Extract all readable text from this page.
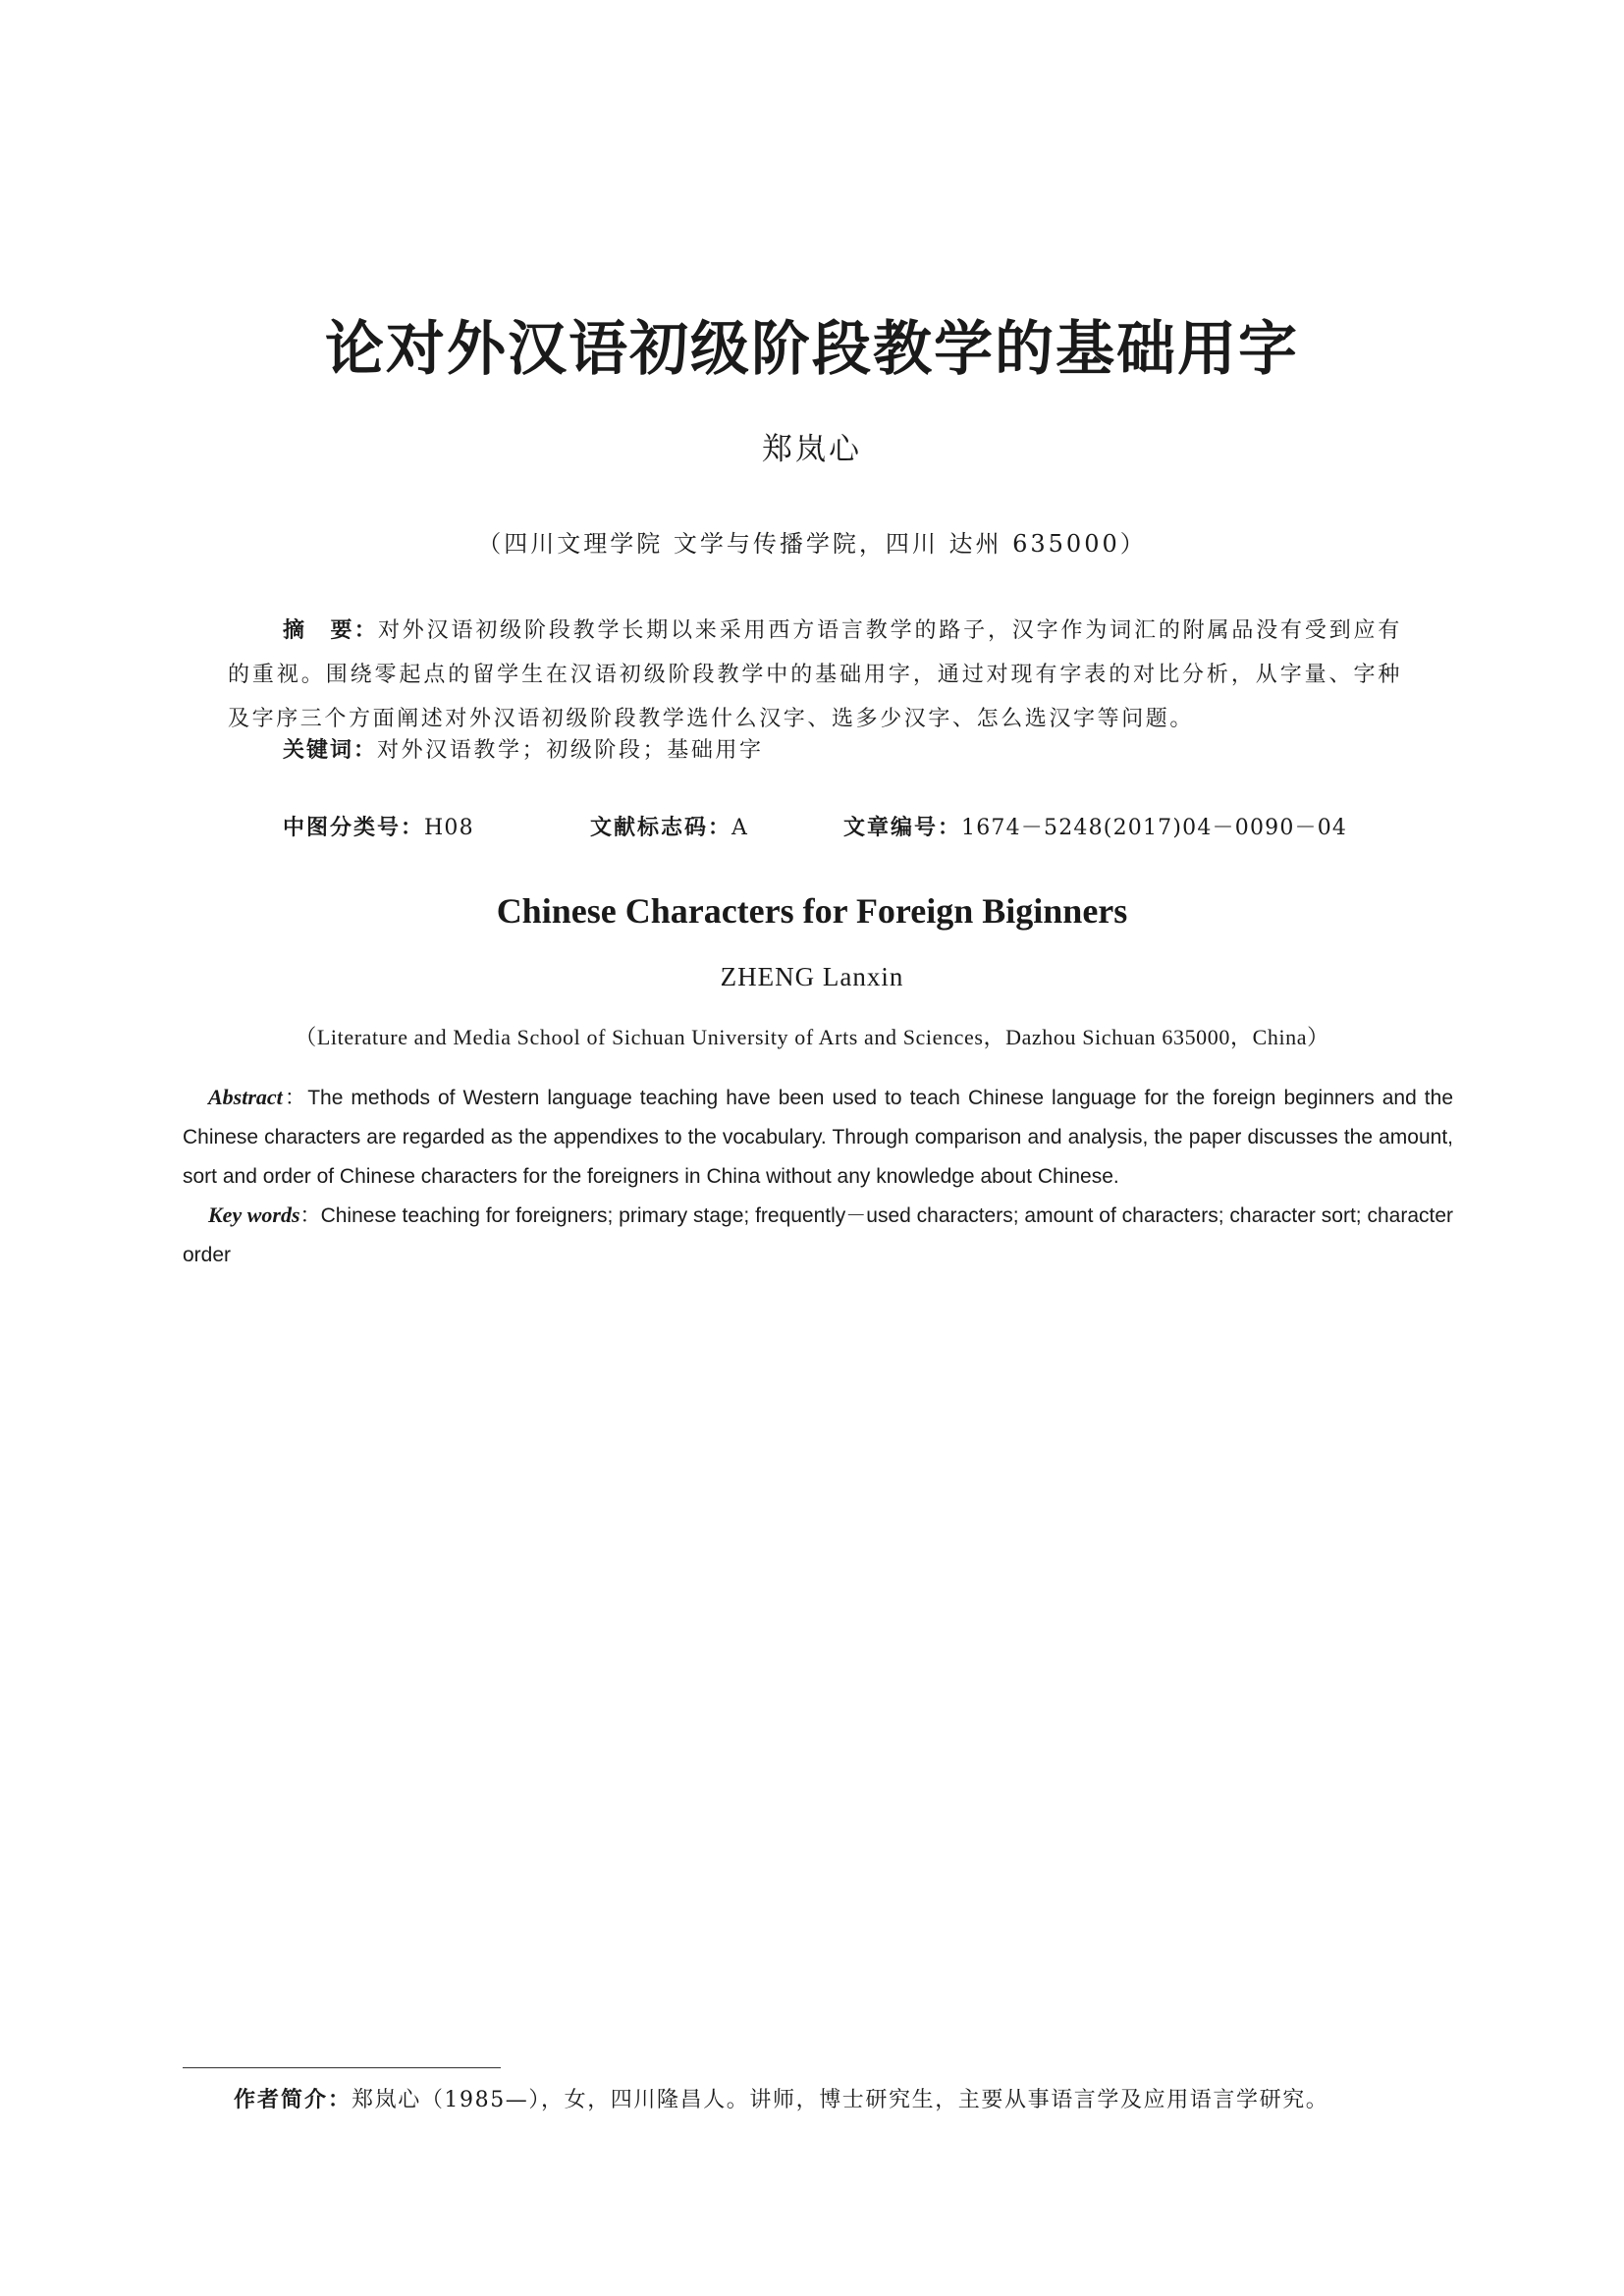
论对外汉语初级阶段教学的基础用字
郑岚心
（四川文理学院 文学与传播学院，四川 达州 635000）
摘　要：对外汉语初级阶段教学长期以来采用西方语言教学的路子，汉字作为词汇的附属品没有受到应有的重视。围绕零起点的留学生在汉语初级阶段教学中的基础用字，通过对现有字表的对比分析，从字量、字种及字序三个方面阐述对外汉语初级阶段教学选什么汉字、选多少汉字、怎么选汉字等问题。
关键词：对外汉语教学；初级阶段；基础用字
中图分类号：H08	文献标志码：A	文章编号：1674－5248(2017)04－0090－04
Chinese Characters for Foreign Biginners
ZHENG Lanxin
（Literature and Media School of Sichuan University of Arts and Sciences，Dazhou Sichuan 635000，China）
Abstract：The methods of Western language teaching have been used to teach Chinese language for the foreign beginners and the Chinese characters are regarded as the appendixes to the vocabulary. Through comparison and analysis, the paper discusses the amount, sort and order of Chinese characters for the foreigners in China without any knowledge about Chinese.
Key words：Chinese teaching for foreigners; primary stage; frequently－used characters; amount of characters; character sort; character order
作者简介：郑岚心（1985—），女，四川隆昌人。讲师，博士研究生，主要从事语言学及应用语言学研究。
